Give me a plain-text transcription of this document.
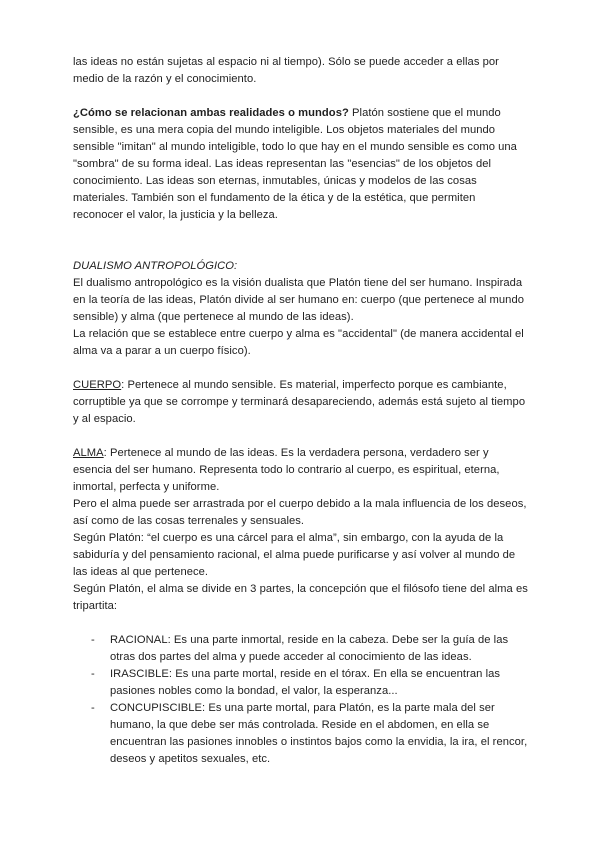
las ideas no están sujetas al espacio ni al tiempo). Sólo se puede acceder a ellas por medio de la razón y el conocimiento.

¿Cómo se relacionan ambas realidades o mundos? Platón sostiene que el mundo sensible, es una mera copia del mundo inteligible. Los objetos materiales del mundo sensible "imitan" al mundo inteligible, todo lo que hay en el mundo sensible es como una "sombra" de su forma ideal. Las ideas representan las "esencias" de los objetos del conocimiento. Las ideas son eternas, inmutables, únicas y modelos de las cosas materiales. También son el fundamento de la ética y de la estética, que permiten reconocer el valor, la justicia y la belleza.

DUALISMO ANTROPOLÓGICO:

El dualismo antropológico es la visión dualista que Platón tiene del ser humano. Inspirada en la teoría de las ideas, Platón divide al ser humano en: cuerpo (que pertenece al mundo sensible) y alma (que pertenece al mundo de las ideas).

La relación que se establece entre cuerpo y alma es "accidental" (de manera accidental el alma va a parar a un cuerpo físico).

CUERPO: Pertenece al mundo sensible. Es material, imperfecto porque es cambiante, corruptible ya que se corrompe y terminará desapareciendo, además está sujeto al tiempo y al espacio.

ALMA: Pertenece al mundo de las ideas. Es la verdadera persona, verdadero ser y esencia del ser humano. Representa todo lo contrario al cuerpo, es espiritual, eterna, inmortal, perfecta y uniforme.

Pero el alma puede ser arrastrada por el cuerpo debido a la mala influencia de los deseos, así como de las cosas terrenales y sensuales.

Según Platón: “el cuerpo es una cárcel para el alma”, sin embargo, con la ayuda de la sabiduría y del pensamiento racional, el alma puede purificarse y así volver al mundo de las ideas al que pertenece.

Según Platón, el alma se divide en 3 partes, la concepción que el filósofo tiene del alma es tripartita:

- RACIONAL: Es una parte inmortal, reside en la cabeza. Debe ser la guía de las otras dos partes del alma y puede acceder al conocimiento de las ideas.
- IRASCIBLE: Es una parte mortal, reside en el tórax. En ella se encuentran las pasiones nobles como la bondad, el valor, la esperanza...
- CONCUPISCIBLE: Es una parte mortal, para Platón, es la parte mala del ser humano, la que debe ser más controlada. Reside en el abdomen, en ella se encuentran las pasiones innobles o instintos bajos como la envidia, la ira, el rencor, deseos y apetitos sexuales, etc.
